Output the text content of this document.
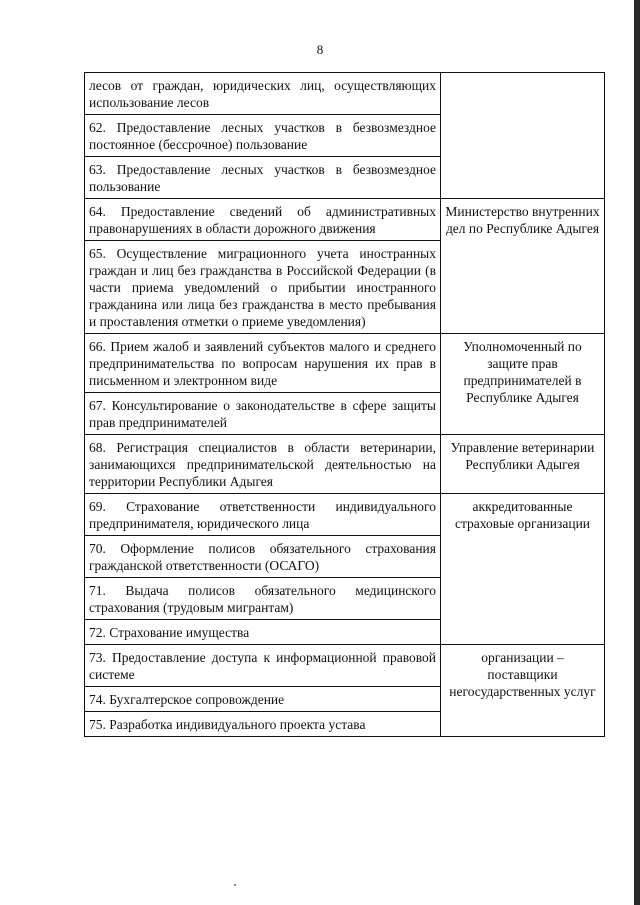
8
лесов от граждан, юридических лиц, осуществляющих использование лесов	
62. Предоставление лесных участков в безвозмездное постоянное (бессрочное) пользование	
63. Предоставление лесных участков в безвозмездное пользование	
64. Предоставление сведений об административных правонарушениях в области дорожного движения	Министерство внутренних дел по Республике Адыгея
65. Осуществление миграционного учета иностранных граждан и лиц без гражданства в Российской Федерации (в части приема уведомлений о прибытии иностранного гражданина или лица без гражданства в место пребывания и проставления отметки о приеме уведомления)	
66. Прием жалоб и заявлений субъектов малого и среднего предпринимательства по вопросам нарушения их прав в письменном и электронном виде	Уполномоченный по защите прав предпринимателей в Республике Адыгея
67. Консультирование о законодательстве в сфере защиты прав предпринимателей	
68. Регистрация специалистов в области ветеринарии, занимающихся предпринимательской деятельностью на территории Республики Адыгея	Управление ветеринарии Республики Адыгея
69. Страхование ответственности индивидуального предпринимателя, юридического лица	аккредитованные страховые организации
70. Оформление полисов обязательного страхования гражданской ответственности (ОСАГО)	
71. Выдача полисов обязательного медицинского страхования (трудовым мигрантам)	
72. Страхование имущества	
73. Предоставление доступа к информационной правовой системе	организации – поставщики негосударственных услуг
74. Бухгалтерское сопровождение	
75. Разработка индивидуального проекта устава	
